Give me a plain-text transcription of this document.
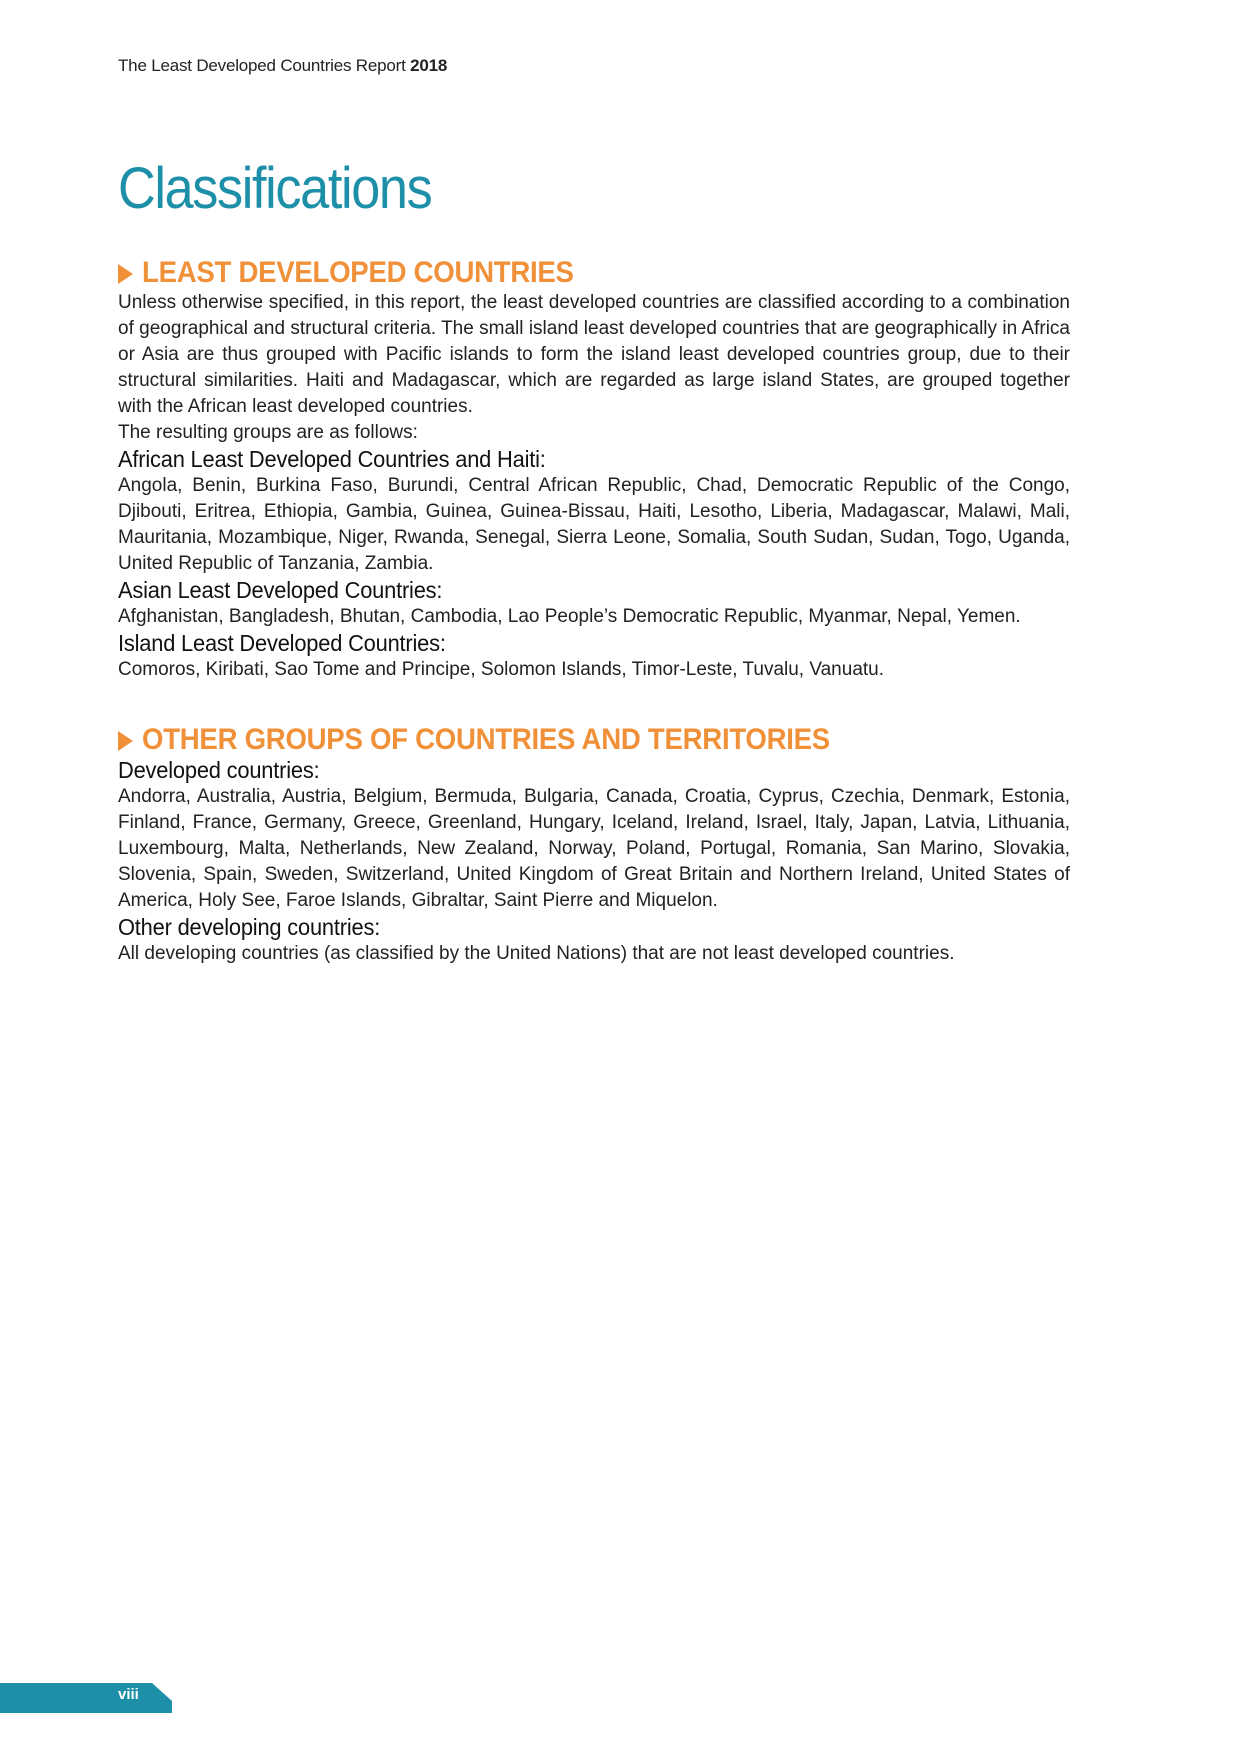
The Least Developed Countries Report 2018
Classifications
LEAST DEVELOPED COUNTRIES

Unless otherwise specified, in this report, the least developed countries are classified according to a combination of geographical and structural criteria. The small island least developed countries that are geographically in Africa or Asia are thus grouped with Pacific islands to form the island least developed countries group, due to their structural similarities. Haiti and Madagascar, which are regarded as large island States, are grouped together with the African least developed countries.

The resulting groups are as follows:

African Least Developed Countries and Haiti:

Angola, Benin, Burkina Faso, Burundi, Central African Republic, Chad, Democratic Republic of the Congo, Djibouti, Eritrea, Ethiopia, Gambia, Guinea, Guinea-Bissau, Haiti, Lesotho, Liberia, Madagascar, Malawi, Mali, Mauritania, Mozambique, Niger, Rwanda, Senegal, Sierra Leone, Somalia, South Sudan, Sudan, Togo, Uganda, United Republic of Tanzania, Zambia.

Asian Least Developed Countries:

Afghanistan, Bangladesh, Bhutan, Cambodia, Lao People’s Democratic Republic, Myanmar, Nepal, Yemen.

Island Least Developed Countries:

Comoros, Kiribati, Sao Tome and Principe, Solomon Islands, Timor-Leste, Tuvalu, Vanuatu.

OTHER GROUPS OF COUNTRIES AND TERRITORIES
Developed countries:

Andorra, Australia, Austria, Belgium, Bermuda, Bulgaria, Canada, Croatia, Cyprus, Czechia, Denmark, Estonia, Finland, France, Germany, Greece, Greenland, Hungary, Iceland, Ireland, Israel, Italy, Japan, Latvia, Lithuania, Luxembourg, Malta, Netherlands, New Zealand, Norway, Poland, Portugal, Romania, San Marino, Slovakia, Slovenia, Spain, Sweden, Switzerland, United Kingdom of Great Britain and Northern Ireland, United States of America, Holy See, Faroe Islands, Gibraltar, Saint Pierre and Miquelon.

Other developing countries:

All developing countries (as classified by the United Nations) that are not least developed countries.

viii
